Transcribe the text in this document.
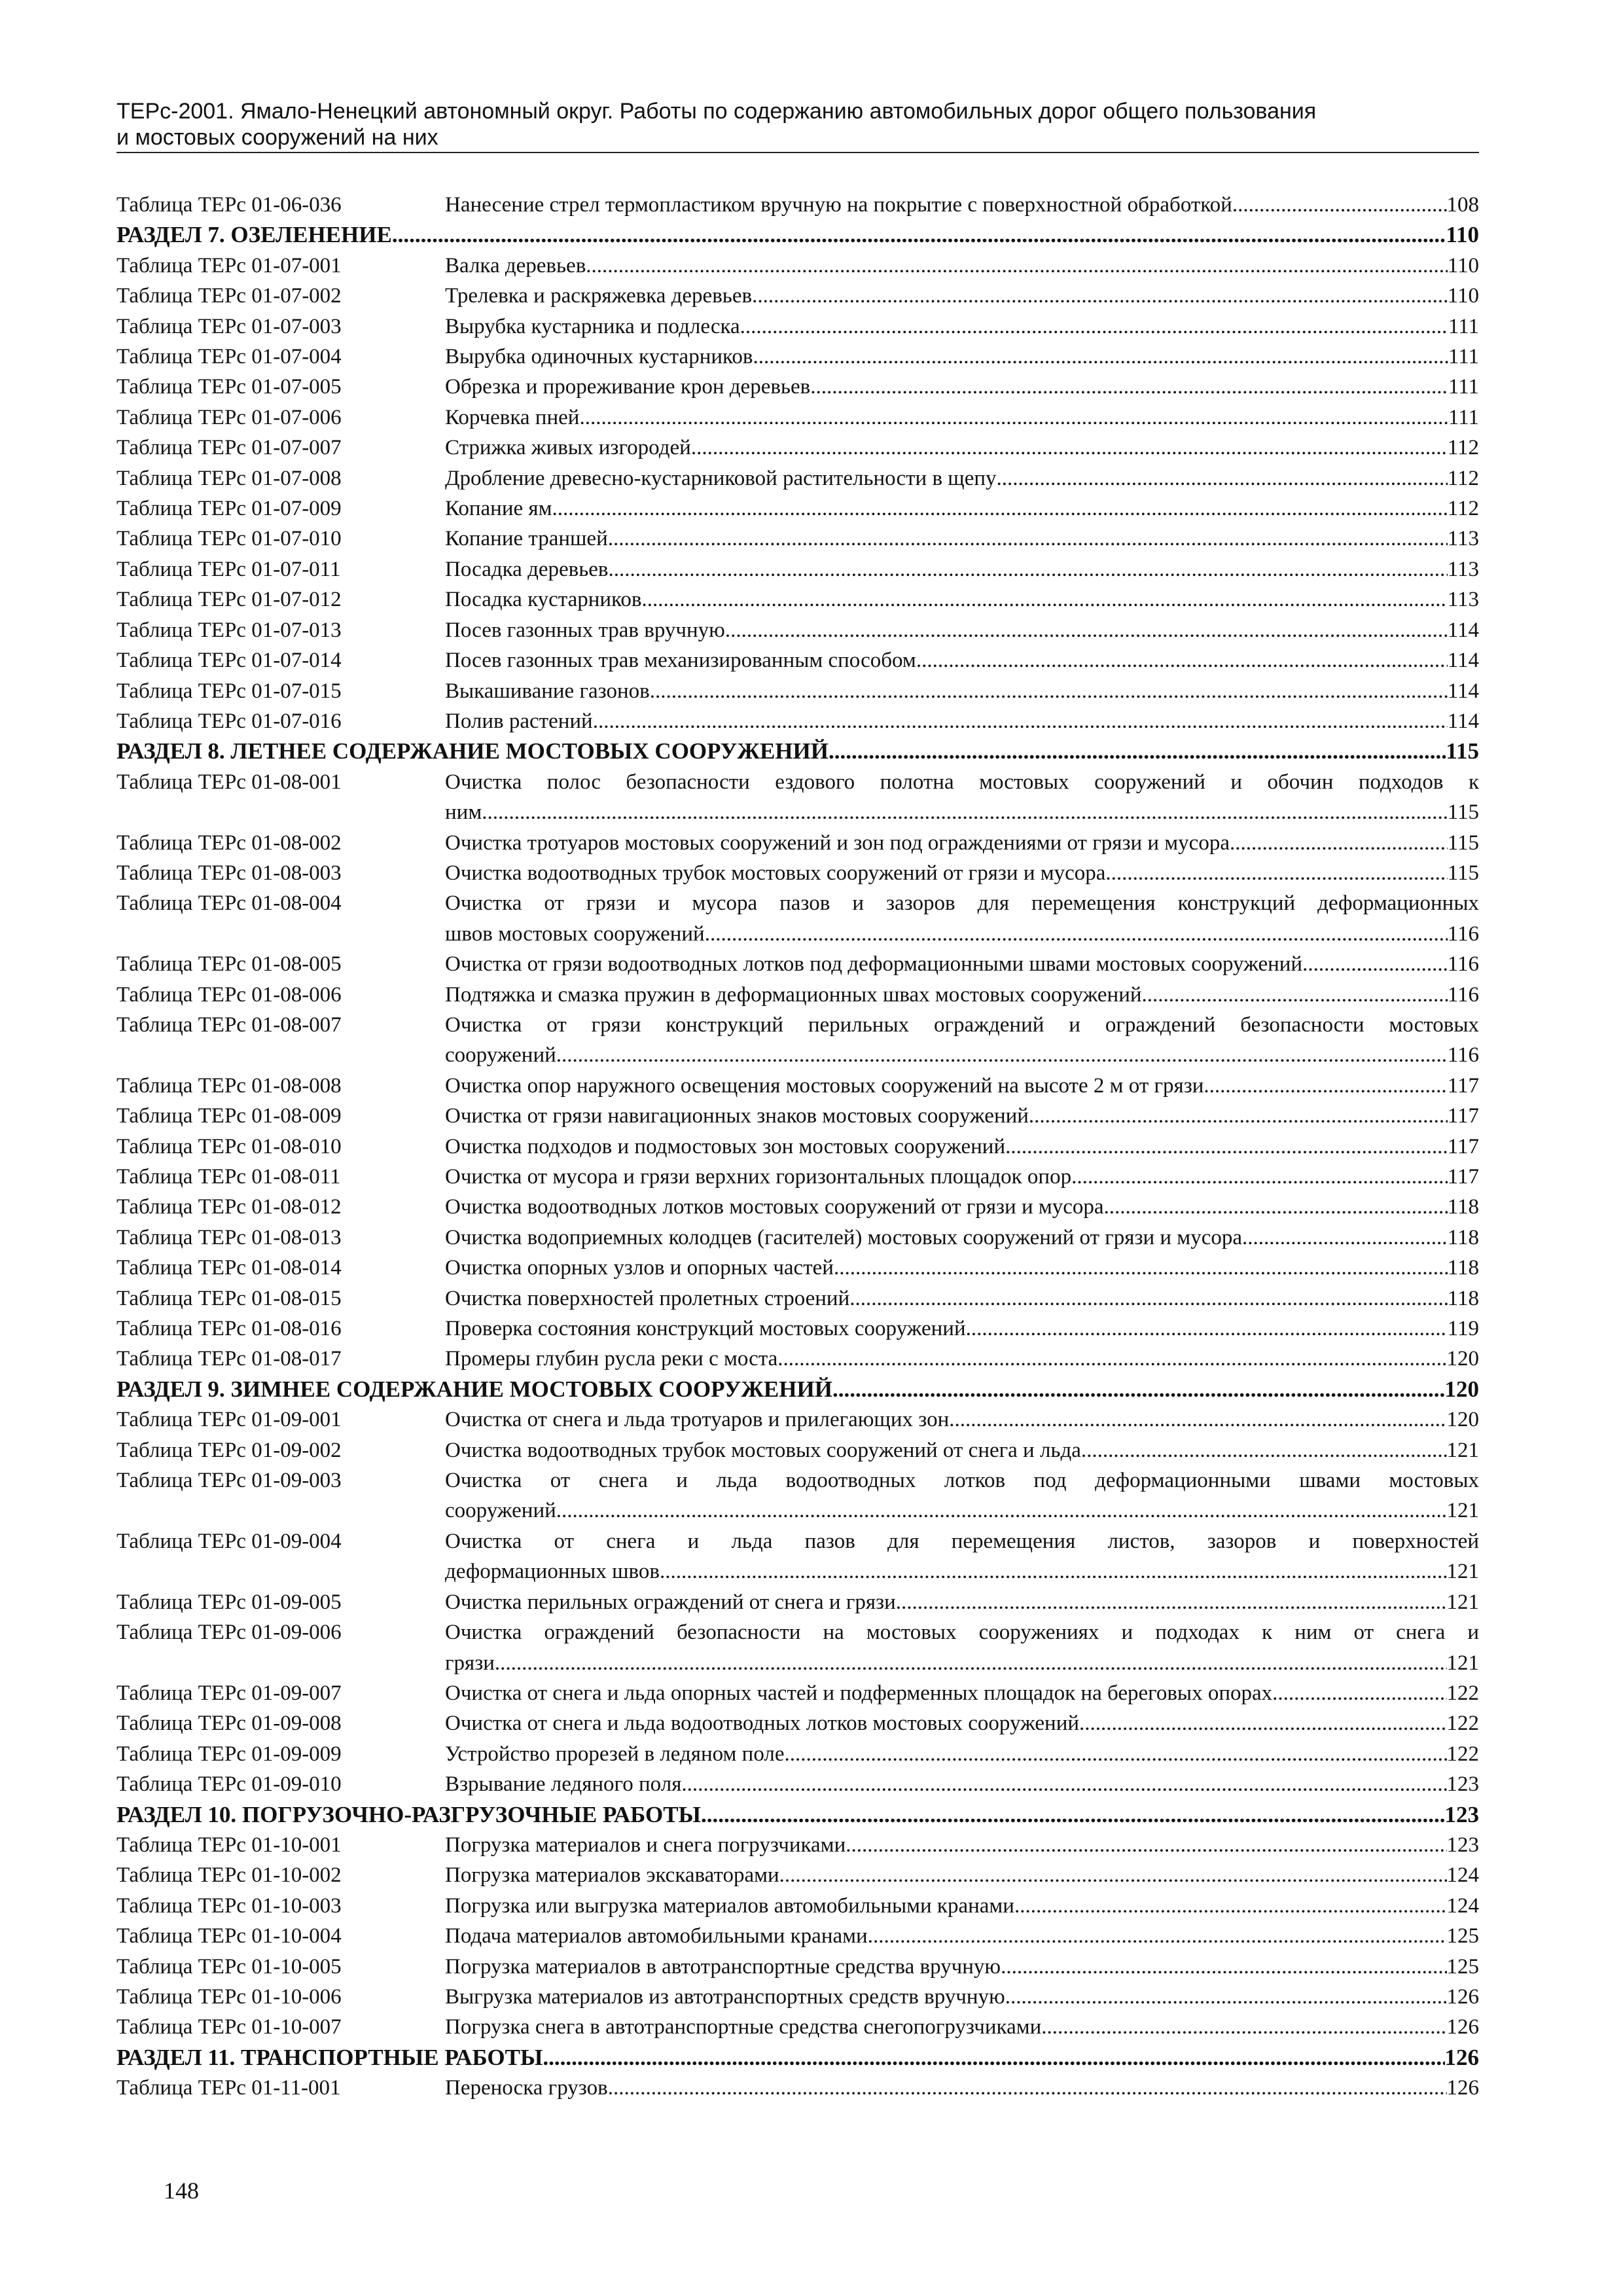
ТЕРс-2001. Ямало-Ненецкий автономный округ. Работы по содержанию автомобильных дорог общего пользования
и мостовых сооружений на них
Таблица ТЕРс 01-06-036	Нанесение стрел термопластиком вручную на покрытие с поверхностной обработкой .....	108
РАЗДЕЛ 7. ОЗЕЛЕНЕНИЕ .....	110
Таблица ТЕРс 01-07-001	Валка деревьев .....	110
Таблица ТЕРс 01-07-002	Трелевка и раскряжевка деревьев .....	110
Таблица ТЕРс 01-07-003	Вырубка кустарника и подлеска .....	111
Таблица ТЕРс 01-07-004	Вырубка одиночных кустарников .....	111
Таблица ТЕРс 01-07-005	Обрезка и прореживание крон деревьев .....	111
Таблица ТЕРс 01-07-006	Корчевка пней .....	111
Таблица ТЕРс 01-07-007	Стрижка живых изгородей .....	112
Таблица ТЕРс 01-07-008	Дробление древесно-кустарниковой растительности в щепу .....	112
Таблица ТЕРс 01-07-009	Копание ям .....	112
Таблица ТЕРс 01-07-010	Копание траншей .....	113
Таблица ТЕРс 01-07-011	Посадка деревьев .....	113
Таблица ТЕРс 01-07-012	Посадка кустарников .....	113
Таблица ТЕРс 01-07-013	Посев газонных трав вручную .....	114
Таблица ТЕРс 01-07-014	Посев газонных трав механизированным способом .....	114
Таблица ТЕРс 01-07-015	Выкашивание газонов .....	114
Таблица ТЕРс 01-07-016	Полив растений .....	114
РАЗДЕЛ 8. ЛЕТНЕЕ СОДЕРЖАНИЕ МОСТОВЫХ СООРУЖЕНИЙ .....	115
Таблица ТЕРс 01-08-001	Очистка полос безопасности ездового полотна мостовых сооружений и обочин подходов к
ним .....	115
Таблица ТЕРс 01-08-002	Очистка тротуаров мостовых сооружений и зон под ограждениями от грязи и мусора .....	115
Таблица ТЕРс 01-08-003	Очистка водоотводных трубок мостовых сооружений от грязи и мусора .....	115
Таблица ТЕРс 01-08-004	Очистка от грязи и мусора пазов и зазоров для перемещения конструкций деформационных
швов мостовых сооружений .....	116
Таблица ТЕРс 01-08-005	Очистка от грязи водоотводных лотков под деформационными швами мостовых сооружений .....	116
Таблица ТЕРс 01-08-006	Подтяжка и смазка пружин в деформационных швах мостовых сооружений .....	116
Таблица ТЕРс 01-08-007	Очистка от грязи конструкций перильных ограждений и ограждений безопасности мостовых
сооружений .....	116
Таблица ТЕРс 01-08-008	Очистка опор наружного освещения мостовых сооружений на высоте 2 м от грязи .....	117
Таблица ТЕРс 01-08-009	Очистка от грязи навигационных знаков мостовых сооружений .....	117
Таблица ТЕРс 01-08-010	Очистка подходов и подмостовых зон мостовых сооружений .....	117
Таблица ТЕРс 01-08-011	Очистка от мусора и грязи верхних горизонтальных площадок опор .....	117
Таблица ТЕРс 01-08-012	Очистка водоотводных лотков мостовых сооружений от грязи и мусора .....	118
Таблица ТЕРс 01-08-013	Очистка водоприемных колодцев (гасителей) мостовых сооружений от грязи и мусора .....	118
Таблица ТЕРс 01-08-014	Очистка опорных узлов и опорных частей .....	118
Таблица ТЕРс 01-08-015	Очистка поверхностей пролетных строений .....	118
Таблица ТЕРс 01-08-016	Проверка состояния конструкций мостовых сооружений .....	119
Таблица ТЕРс 01-08-017	Промеры глубин русла реки с моста .....	120
РАЗДЕЛ 9. ЗИМНЕЕ СОДЕРЖАНИЕ МОСТОВЫХ СООРУЖЕНИЙ .....	120
Таблица ТЕРс 01-09-001	Очистка от снега и льда тротуаров и прилегающих зон .....	120
Таблица ТЕРс 01-09-002	Очистка водоотводных трубок мостовых сооружений от снега и льда .....	121
Таблица ТЕРс 01-09-003	Очистка от снега и льда водоотводных лотков под деформационными швами мостовых
сооружений .....	121
Таблица ТЕРс 01-09-004	Очистка от снега и льда пазов для перемещения листов, зазоров и поверхностей
деформационных швов .....	121
Таблица ТЕРс 01-09-005	Очистка перильных ограждений от снега и грязи .....	121
Таблица ТЕРс 01-09-006	Очистка ограждений безопасности на мостовых сооружениях и подходах к ним от снега и
грязи .....	121
Таблица ТЕРс 01-09-007	Очистка от снега и льда опорных частей и подферменных площадок на береговых опорах .....	122
Таблица ТЕРс 01-09-008	Очистка от снега и льда водоотводных лотков мостовых сооружений .....	122
Таблица ТЕРс 01-09-009	Устройство прорезей в ледяном поле .....	122
Таблица ТЕРс 01-09-010	Взрывание ледяного поля .....	123
РАЗДЕЛ 10. ПОГРУЗОЧНО-РАЗГРУЗОЧНЫЕ РАБОТЫ .....	123
Таблица ТЕРс 01-10-001	Погрузка материалов и снега погрузчиками .....	123
Таблица ТЕРс 01-10-002	Погрузка материалов экскаваторами .....	124
Таблица ТЕРс 01-10-003	Погрузка или выгрузка материалов автомобильными кранами .....	124
Таблица ТЕРс 01-10-004	Подача материалов автомобильными кранами .....	125
Таблица ТЕРс 01-10-005	Погрузка материалов в автотранспортные средства вручную .....	125
Таблица ТЕРс 01-10-006	Выгрузка материалов из автотранспортных средств вручную .....	126
Таблица ТЕРс 01-10-007	Погрузка снега в автотранспортные средства снегопогрузчиками .....	126
РАЗДЕЛ 11. ТРАНСПОРТНЫЕ РАБОТЫ .....	126
Таблица ТЕРс 01-11-001	Переноска грузов .....	126
148
